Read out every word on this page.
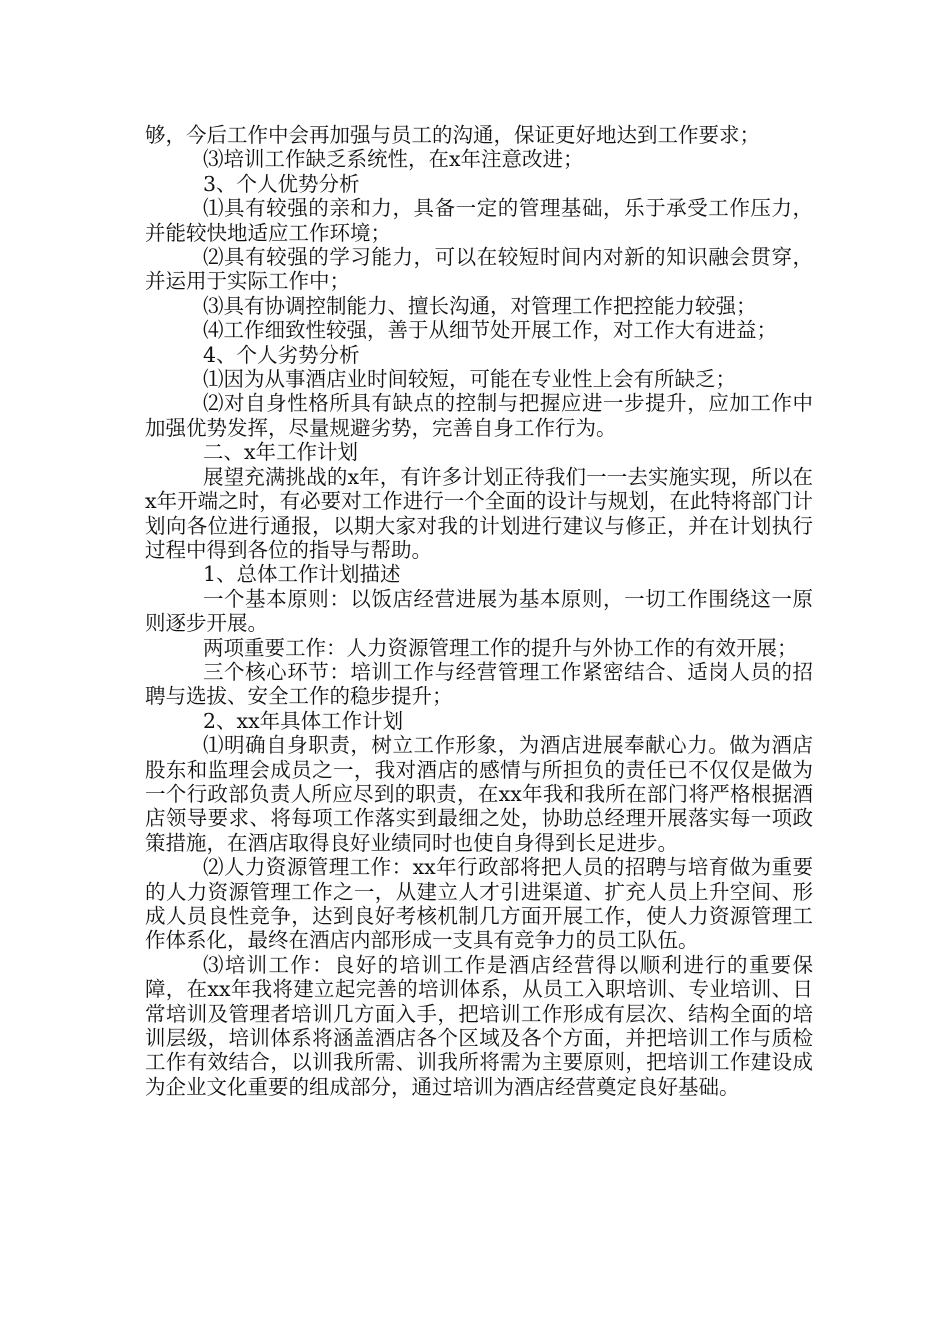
够，今后工作中会再加强与员工的沟通，保证更好地达到工作要求；

⑶培训工作缺乏系统性，在x年注意改进；

3、个人优势分析

⑴具有较强的亲和力，具备一定的管理基础，乐于承受工作压力，并能较快地适应工作环境；

⑵具有较强的学习能力，可以在较短时间内对新的知识融会贯穿，并运用于实际工作中；

⑶具有协调控制能力、擅长沟通，对管理工作把控能力较强；

⑷工作细致性较强，善于从细节处开展工作，对工作大有进益；

4、个人劣势分析

⑴因为从事酒店业时间较短，可能在专业性上会有所缺乏；

⑵对自身性格所具有缺点的控制与把握应进一步提升，应加工作中加强优势发挥，尽量规避劣势，完善自身工作行为。

二、x年工作计划

展望充满挑战的x年，有许多计划正待我们一一去实施实现，所以在x年开端之时，有必要对工作进行一个全面的设计与规划，在此特将部门计划向各位进行通报，以期大家对我的计划进行建议与修正，并在计划执行过程中得到各位的指导与帮助。

1、总体工作计划描述

一个基本原则：以饭店经营进展为基本原则，一切工作围绕这一原则逐步开展。

两项重要工作：人力资源管理工作的提升与外协工作的有效开展；

三个核心环节：培训工作与经营管理工作紧密结合、适岗人员的招聘与选拔、安全工作的稳步提升；

2、xx年具体工作计划

⑴明确自身职责，树立工作形象，为酒店进展奉献心力。做为酒店股东和监理会成员之一，我对酒店的感情与所担负的责任已不仅仅是做为一个行政部负责人所应尽到的职责，在xx年我和我所在部门将严格根据酒店领导要求、将每项工作落实到最细之处，协助总经理开展落实每一项政策措施，在酒店取得良好业绩同时也使自身得到长足进步。

⑵人力资源管理工作：xx年行政部将把人员的招聘与培育做为重要的人力资源管理工作之一，从建立人才引进渠道、扩充人员上升空间、形成人员良性竞争，达到良好考核机制几方面开展工作，使人力资源管理工作体系化，最终在酒店内部形成一支具有竞争力的员工队伍。

⑶培训工作：良好的培训工作是酒店经营得以顺利进行的重要保障，在xx年我将建立起完善的培训体系，从员工入职培训、专业培训、日常培训及管理者培训几方面入手，把培训工作形成有层次、结构全面的培训层级，培训体系将涵盖酒店各个区域及各个方面，并把培训工作与质检工作有效结合，以训我所需、训我所将需为主要原则，把培训工作建设成为企业文化重要的组成部分，通过培训为酒店经营奠定良好基础。
